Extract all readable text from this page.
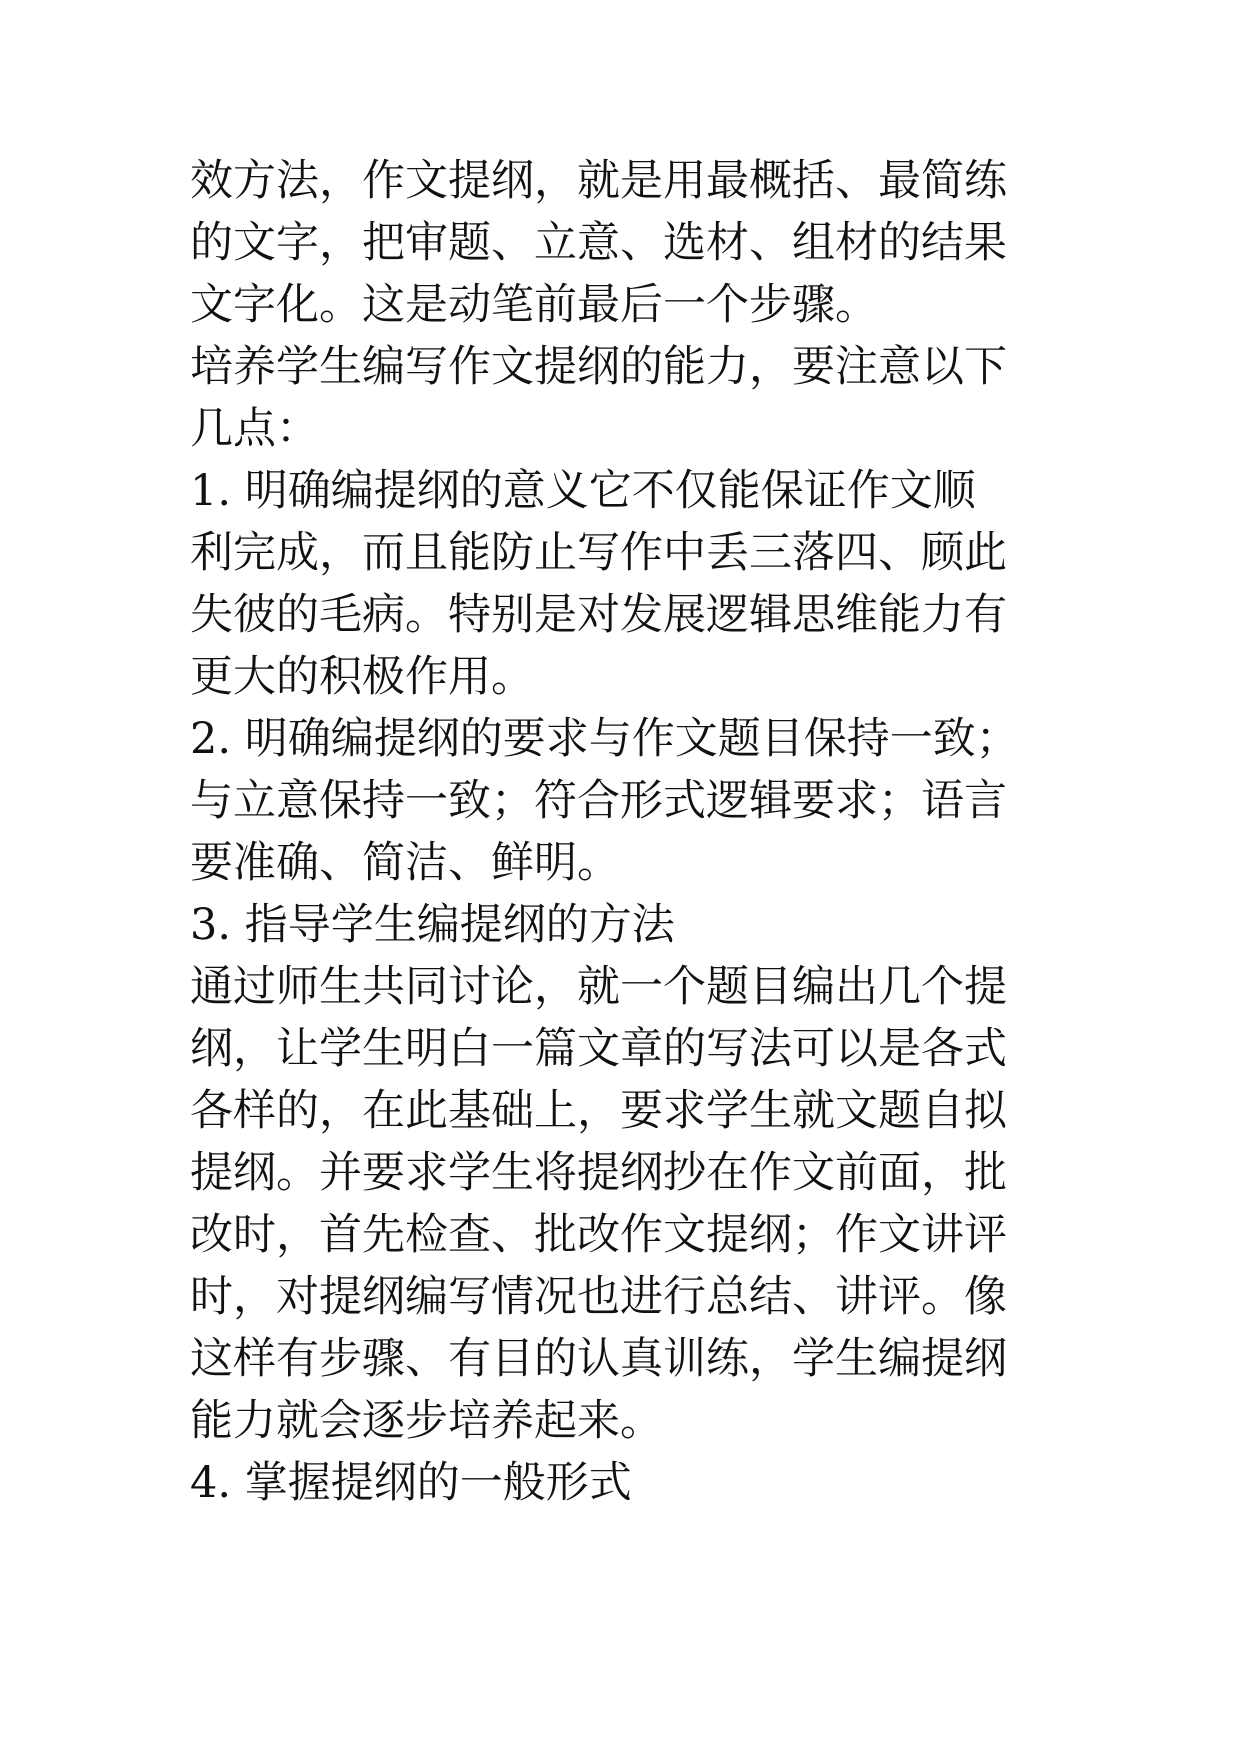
效方法，作文提纲，就是用最概括、最简练
的文字，把审题、立意、选材、组材的结果
文字化。这是动笔前最后一个步骤。
培养学生编写作文提纲的能力，要注意以下
几点：
1. 明确编提纲的意义它不仅能保证作文顺
利完成，而且能防止写作中丢三落四、顾此
失彼的毛病。特别是对发展逻辑思维能力有
更大的积极作用。
2. 明确编提纲的要求与作文题目保持一致；
与立意保持一致；符合形式逻辑要求；语言
要准确、简洁、鲜明。
3. 指导学生编提纲的方法
通过师生共同讨论，就一个题目编出几个提
纲，让学生明白一篇文章的写法可以是各式
各样的，在此基础上，要求学生就文题自拟
提纲。并要求学生将提纲抄在作文前面，批
改时，首先检查、批改作文提纲；作文讲评
时，对提纲编写情况也进行总结、讲评。像
这样有步骤、有目的认真训练，学生编提纲
能力就会逐步培养起来。
4. 掌握提纲的一般形式
